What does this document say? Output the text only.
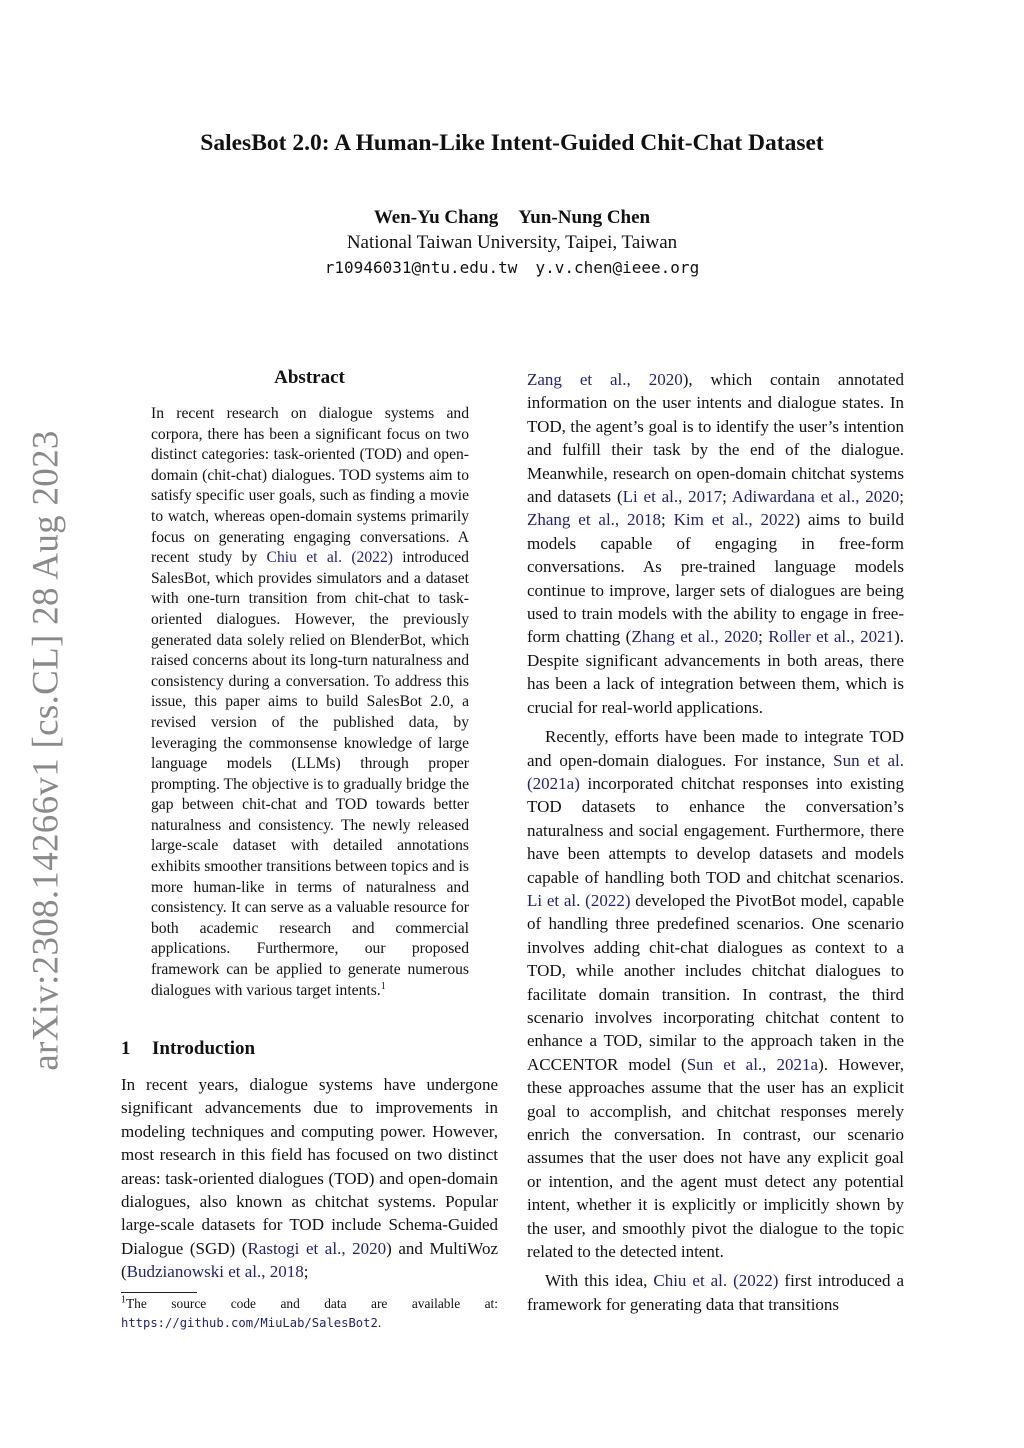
arXiv:2308.14266v1 [cs.CL] 28 Aug 2023
SalesBot 2.0: A Human-Like Intent-Guided Chit-Chat Dataset
Wen-Yu Chang Yun-Nung Chen
National Taiwan University, Taipei, Taiwan
r10946031@ntu.edu.tw y.v.chen@ieee.org
Abstract
In recent research on dialogue systems and corpora, there has been a significant focus on two distinct categories: task-oriented (TOD) and open-domain (chit-chat) dialogues. TOD systems aim to satisfy specific user goals, such as finding a movie to watch, whereas open-domain systems primarily focus on generating engaging conversations. A recent study by Chiu et al. (2022) introduced SalesBot, which provides simulators and a dataset with one-turn transition from chit-chat to task-oriented dialogues. However, the previously generated data solely relied on BlenderBot, which raised concerns about its long-turn naturalness and consistency during a conversation. To address this issue, this paper aims to build SalesBot 2.0, a revised version of the published data, by leveraging the commonsense knowledge of large language models (LLMs) through proper prompting. The objective is to gradually bridge the gap between chit-chat and TOD towards better naturalness and consistency. The newly released large-scale dataset with detailed annotations exhibits smoother transitions between topics and is more human-like in terms of naturalness and consistency. It can serve as a valuable resource for both academic research and commercial applications. Furthermore, our proposed framework can be applied to generate numerous dialogues with various target intents.$^1$
1 Introduction
In recent years, dialogue systems have undergone significant advancements due to improvements in modeling techniques and computing power. However, most research in this field has focused on two distinct areas: task-oriented dialogues (TOD) and open-domain dialogues, also known as chitchat systems. Popular large-scale datasets for TOD include Schema-Guided Dialogue (SGD) (Rastogi et al., 2020) and MultiWoz (Budzianowski et al., 2018;
$^1$The source code and data are available at: https://github.com/MiuLab/SalesBot2.

Zang et al., 2020), which contain annotated information on the user intents and dialogue states. In TOD, the agent’s goal is to identify the user’s intention and fulfill their task by the end of the dialogue. Meanwhile, research on open-domain chitchat systems and datasets (Li et al., 2017; Adiwardana et al., 2020; Zhang et al., 2018; Kim et al., 2022) aims to build models capable of engaging in free-form conversations. As pre-trained language models continue to improve, larger sets of dialogues are being used to train models with the ability to engage in free-form chatting (Zhang et al., 2020; Roller et al., 2021). Despite significant advancements in both areas, there has been a lack of integration between them, which is crucial for real-world applications.

Recently, efforts have been made to integrate TOD and open-domain dialogues. For instance, Sun et al. (2021a) incorporated chitchat responses into existing TOD datasets to enhance the conversation’s naturalness and social engagement. Furthermore, there have been attempts to develop datasets and models capable of handling both TOD and chitchat scenarios. Li et al. (2022) developed the PivotBot model, capable of handling three predefined scenarios. One scenario involves adding chit-chat dialogues as context to a TOD, while another includes chitchat dialogues to facilitate domain transition. In contrast, the third scenario involves incorporating chitchat content to enhance a TOD, similar to the approach taken in the ACCENTOR model (Sun et al., 2021a). However, these approaches assume that the user has an explicit goal to accomplish, and chitchat responses merely enrich the conversation. In contrast, our scenario assumes that the user does not have any explicit goal or intention, and the agent must detect any potential intent, whether it is explicitly or implicitly shown by the user, and smoothly pivot the dialogue to the topic related to the detected intent.

With this idea, Chiu et al. (2022) first introduced a framework for generating data that transitions
